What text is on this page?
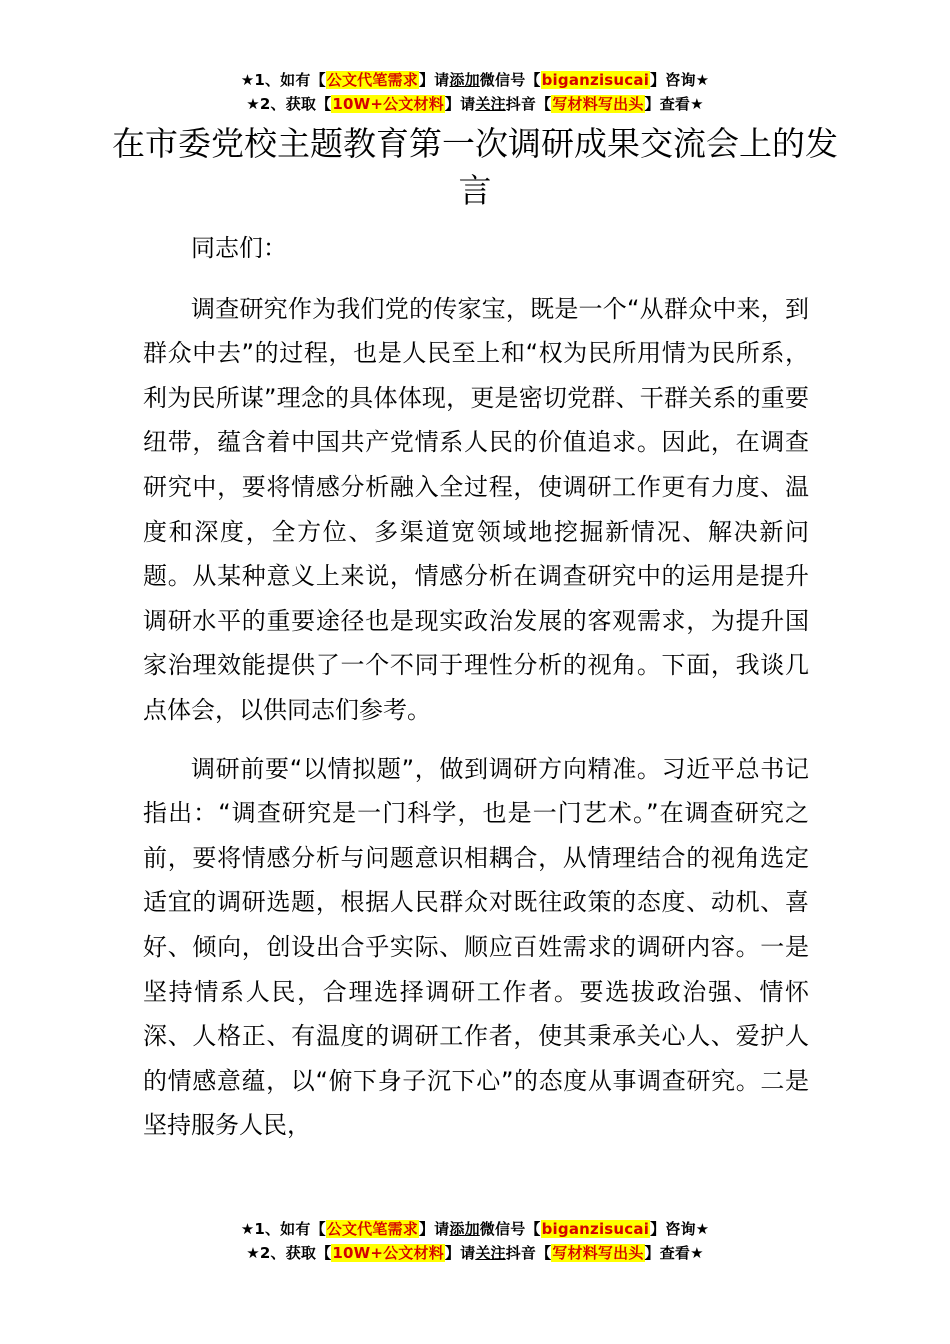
★1、如有【公文代笔需求】请添加微信号【biganzisucai】咨询★
★2、获取【10W+公文材料】请关注抖音【写材料写出头】查看★
在市委党校主题教育第一次调研成果交流会上的发言

同志们：

调查研究作为我们党的传家宝，既是一个“从群众中来，到群众中去”的过程，也是人民至上和“权为民所用情为民所系，利为民所谋”理念的具体体现，更是密切党群、干群关系的重要纽带，蕴含着中国共产党情系人民的价值追求。因此，在调查研究中，要将情感分析融入全过程，使调研工作更有力度、温度和深度，全方位、多渠道宽领域地挖掘新情况、解决新问题。从某种意义上来说，情感分析在调查研究中的运用是提升调研水平的重要途径也是现实政治发展的客观需求，为提升国家治理效能提供了一个不同于理性分析的视角。下面，我谈几点体会，以供同志们参考。

调研前要“以情拟题”，做到调研方向精准。习近平总书记指出：“调查研究是一门科学，也是一门艺术。”在调查研究之前，要将情感分析与问题意识相耦合，从情理结合的视角选定适宜的调研选题，根据人民群众对既往政策的态度、动机、喜好、倾向，创设出合乎实际、顺应百姓需求的调研内容。一是坚持情系人民，合理选择调研工作者。要选拔政治强、情怀深、人格正、有温度的调研工作者，使其秉承关心人、爱护人的情感意蕴，以“俯下身子沉下心”的态度从事调查研究。二是坚持服务人民，

★1、如有【公文代笔需求】请添加微信号【biganzisucai】咨询★
★2、获取【10W+公文材料】请关注抖音【写材料写出头】查看★
